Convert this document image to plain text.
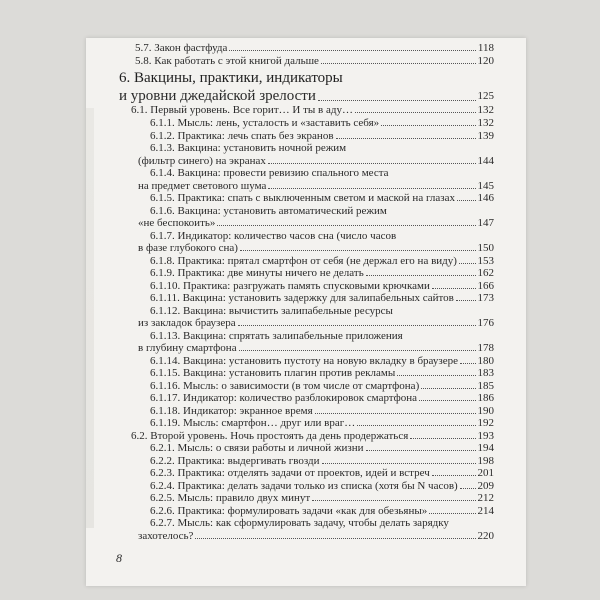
5.7. Закон фастфуда	118
5.8. Как работать с этой книгой дальше	120
6. Вакцины, практики, индикаторы
и уровни джедайской зрелости	125
6.1. Первый уровень. Все горит… И ты в аду…	132
6.1.1. Мысль: лень, усталость и «заставить себя»	132
6.1.2. Практика: лечь спать без экранов	139
6.1.3. Вакцина: установить ночной режим
(фильтр синего) на экранах	144
6.1.4. Вакцина: провести ревизию спального места
на предмет светового шума	145
6.1.5. Практика: спать с выключенным светом и маской на глазах 146
6.1.6. Вакцина: установить автоматический режим
«не беспокоить»	147
6.1.7. Индикатор: количество часов сна (число часов
в фазе глубокого сна)	150
6.1.8. Практика: прятал смартфон от себя (не держал его на виду) 153
6.1.9. Практика: две минуты ничего не делать	162
6.1.10. Практика: разгружать память спусковыми крючками	166
6.1.11. Вакцина: установить задержку для залипабельных сайтов 173
6.1.12. Вакцина: вычистить залипабельные ресурсы
из закладок браузера	176
6.1.13. Вакцина: спрятать залипабельные приложения
в глубину смартфона	178
6.1.14. Вакцина: установить пустоту на новую вкладку в браузере 180
6.1.15. Вакцина: установить плагин против рекламы	183
6.1.16. Мысль: о зависимости (в том числе от смартфона)	185
6.1.17. Индикатор: количество разблокировок смартфона	186
6.1.18. Индикатор: экранное время	190
6.1.19. Мысль: смартфон… друг или враг…	192
6.2. Второй уровень. Ночь простоять да день продержаться	193
6.2.1. Мысль: о связи работы и личной жизни	194
6.2.2. Практика: выдергивать гвозди	198
6.2.3. Практика: отделять задачи от проектов, идей и встреч	201
6.2.4. Практика: делать задачи только из списка (хотя бы N часов) 209
6.2.5. Мысль: правило двух минут	212
6.2.6. Практика: формулировать задачи «как для обезьяны»	214
6.2.7. Мысль: как сформулировать задачу, чтобы делать зарядку
захотелось?	220
8
